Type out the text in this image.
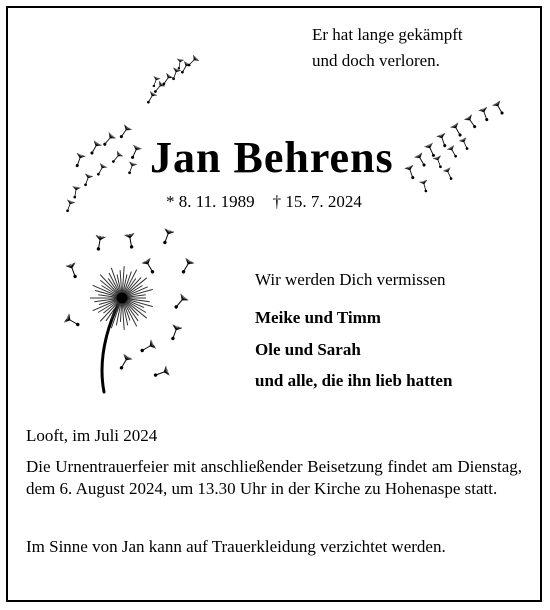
Er hat lange gekämpft
und doch verloren.
Jan Behrens
* 8. 11. 1989 † 15. 7. 2024
Wir werden Dich vermissen
Meike und Timm
Ole und Sarah
und alle, die ihn lieb hatten
Looft, im Juli 2024
Die Urnentrauerfeier mit anschließender Beisetzung findet am Dienstag, dem 6. August 2024, um 13.30 Uhr in der Kirche zu Hohenaspe statt.
Im Sinne von Jan kann auf Trauerkleidung verzichtet werden.
